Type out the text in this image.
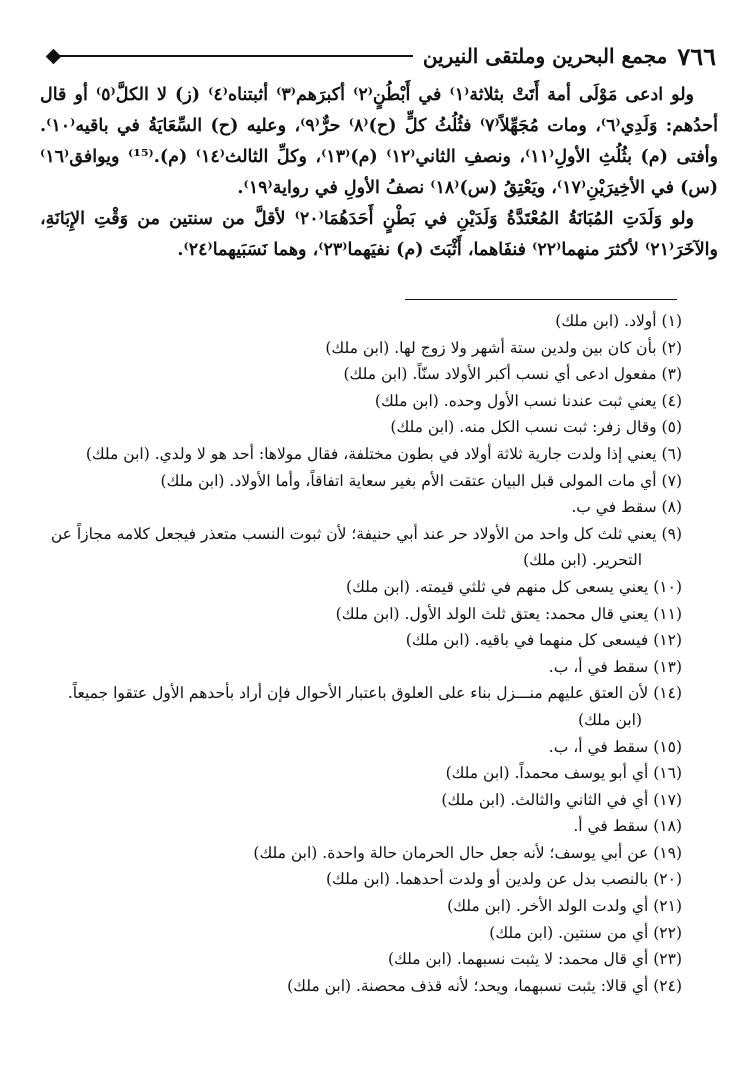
٧٦٦
مجمع البحرين وملتقى النيرين

ولو ادعى مَوْلَى أمة أَتَتْ بثلاثة⁽١⁾ في أَبْطُنٍ⁽٢⁾ أكبرَهم⁽٣⁾ أثبتناه⁽٤⁾ (ز) لا الكلَّ⁽٥⁾ أو قال أحدُهم: وَلَدِي⁽٦⁾، ومات مُجَهِّلاً⁽٧⁾ فثُلُثُ كلٍّ (ح)⁽٨⁾ حرٌّ⁽٩⁾، وعليه (ح) السِّعَايَةُ في باقيه⁽١٠⁾. وأفتى (م) بثُلُثِ الأولِ⁽١١⁾، ونصفِ الثاني⁽١٢⁾ (م)⁽١٣⁾، وكلِّ الثالث⁽١٤⁾ (م).⁽¹⁵⁾ ويوافق⁽١٦⁾ (س) في الأخِيرَيْنِ⁽١٧⁾، ويَعْتِقُ (س)⁽١٨⁾ نصفُ الأولِ في رواية⁽١٩⁾.

ولو وَلَدَتِ المُبَانَةُ المُعْتَدَّةُ وَلَدَيْنِ في بَطْنٍ أَحَدَهُمَا⁽٢٠⁾ لأقلَّ من سنتين من وَقْتِ الإِبَانَةِ، والآخَرَ⁽٢١⁾ لأكثرَ منهما⁽٢٢⁾ فنفَاهما، أَثْبَتَ (م) نفيَهما⁽٢٣⁾، وهما نَسَبَيهما⁽٢٤⁾.

(١) أولاد. (ابن ملك)

(٢) بأن كان بين ولدين ستة أشهر ولا زوج لها. (ابن ملك)

(٣) مفعول ادعى أي نسب أكبر الأولاد سنّاً. (ابن ملك)

(٤) يعني ثبت عندنا نسب الأول وحده. (ابن ملك)

(٥) وقال زفر: ثبت نسب الكل منه. (ابن ملك)

(٦) يعني إذا ولدت جارية ثلاثة أولاد في بطون مختلفة، فقال مولاها: أحد هو لا ولدي. (ابن ملك)

(٧) أي مات المولى قبل البيان عتقت الأم بغير سعاية اتفاقاً، وأما الأولاد. (ابن ملك)

(٨) سقط في ب.

(٩) يعني ثلث كل واحد من الأولاد حر عند أبي حنيفة؛ لأن ثبوت النسب متعذر فيجعل كلامه مجازاً عن التحرير. (ابن ملك)

(١٠) يعني يسعى كل منهم في ثلثي قيمته. (ابن ملك)

(١١) يعني قال محمد: يعتق ثلث الولد الأول. (ابن ملك)

(١٢) فيسعى كل منهما في باقيه. (ابن ملك)

(١٣) سقط في أ، ب.

(١٤) لأن العتق عليهم منـــزل بناء على العلوق باعتبار الأحوال فإن أراد بأحدهم الأول عتقوا جميعاً. (ابن ملك)

(١٥) سقط في أ، ب.

(١٦) أي أبو يوسف محمداً. (ابن ملك)

(١٧) أي في الثاني والثالث. (ابن ملك)

(١٨) سقط في أ.

(١٩) عن أبي يوسف؛ لأنه جعل حال الحرمان حالة واحدة. (ابن ملك)

(٢٠) بالنصب بدل عن ولدين أو ولدت أحدهما. (ابن ملك)

(٢١) أي ولدت الولد الأخر. (ابن ملك)

(٢٢) أي من سنتين. (ابن ملك)

(٢٣) أي قال محمد: لا يثبت نسبهما. (ابن ملك)

(٢٤) أي قالا: يثبت نسبهما، ويحد؛ لأنه قذف محصنة. (ابن ملك)
